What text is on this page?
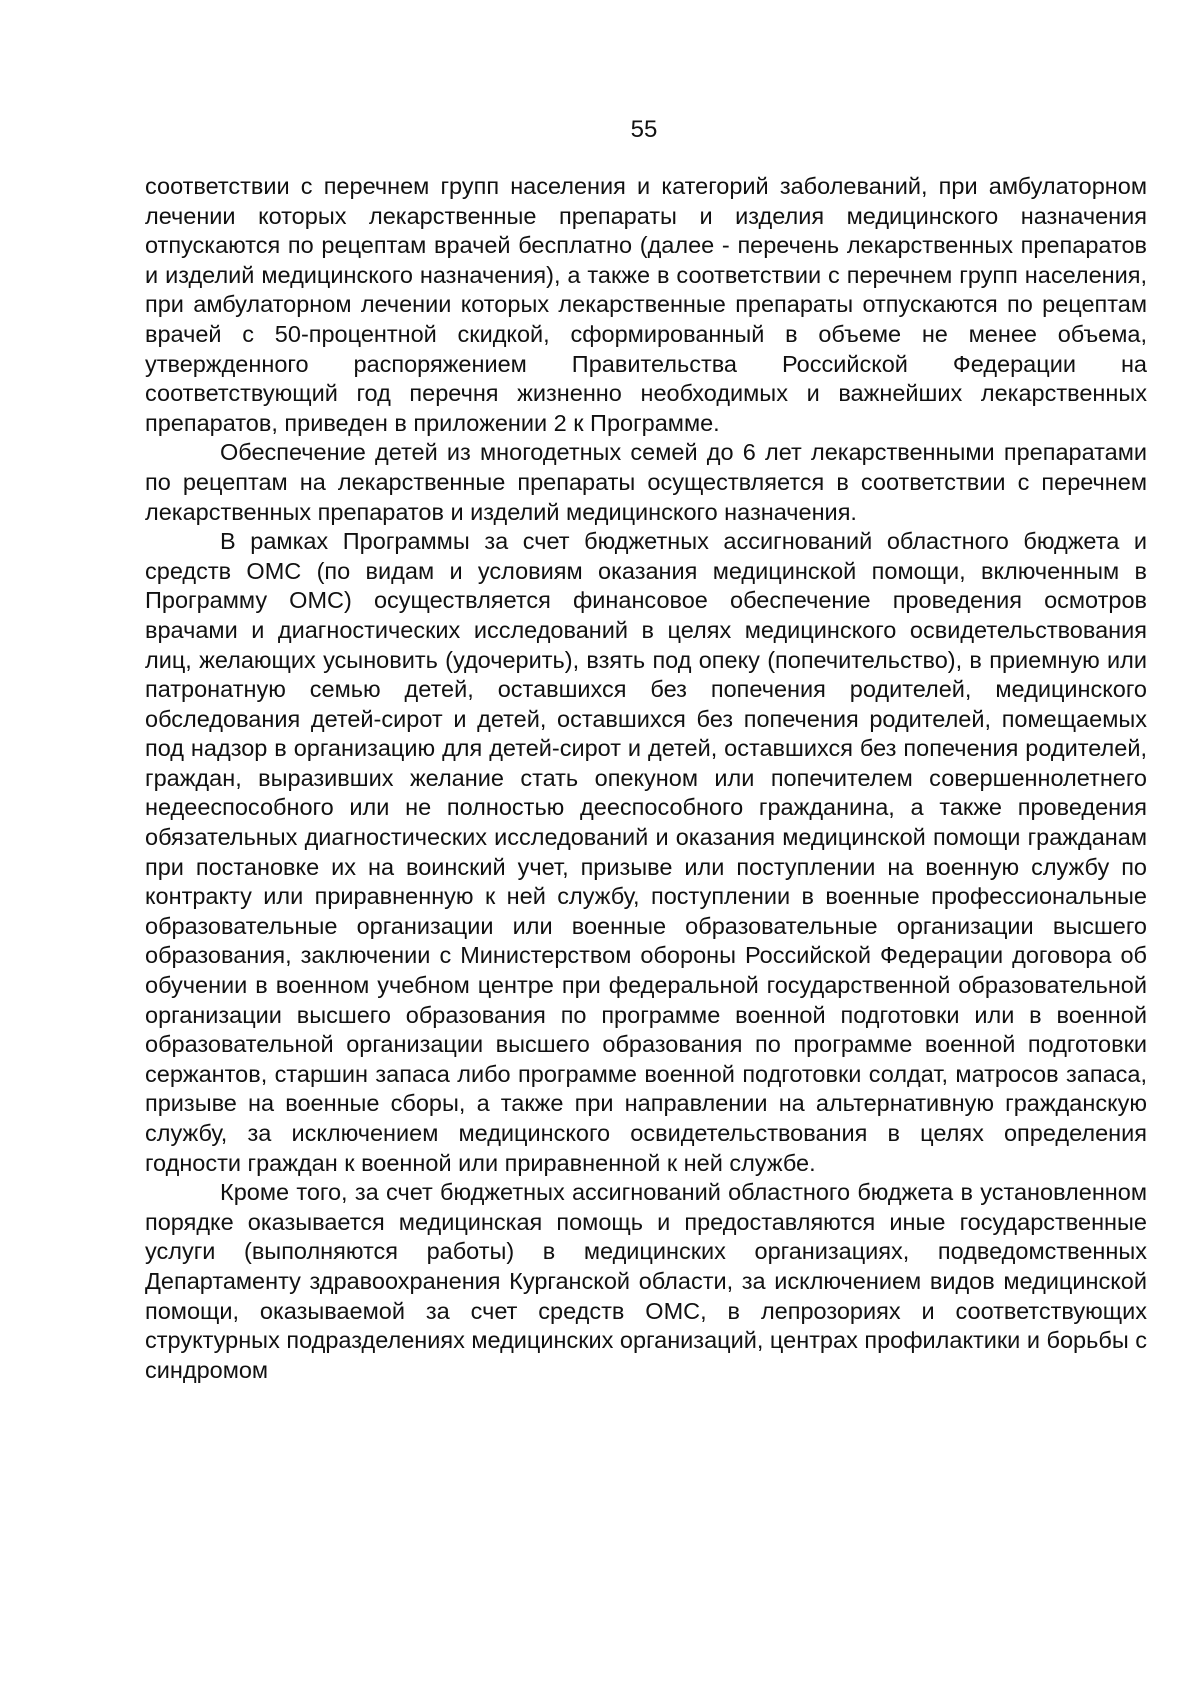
55

соответствии с перечнем групп населения и категорий заболеваний, при амбулаторном лечении которых лекарственные препараты и изделия медицинского назначения отпускаются по рецептам врачей бесплатно (далее - перечень лекарственных препаратов и изделий медицинского назначения), а также в соответствии с перечнем групп населения, при амбулаторном лечении которых лекарственные препараты отпускаются по рецептам врачей с 50-процентной скидкой, сформированный в объеме не менее объема, утвержденного распоряжением Правительства Российской Федерации на соответствующий год перечня жизненно необходимых и важнейших лекарственных препаратов, приведен в приложении 2 к Программе.

Обеспечение детей из многодетных семей до 6 лет лекарственными препаратами по рецептам на лекарственные препараты осуществляется в соответствии с перечнем лекарственных препаратов и изделий медицинского назначения.

В рамках Программы за счет бюджетных ассигнований областного бюджета и средств ОМС (по видам и условиям оказания медицинской помощи, включенным в Программу ОМС) осуществляется финансовое обеспечение проведения осмотров врачами и диагностических исследований в целях медицинского освидетельствования лиц, желающих усыновить (удочерить), взять под опеку (попечительство), в приемную или патронатную семью детей, оставшихся без попечения родителей, медицинского обследования детей-сирот и детей, оставшихся без попечения родителей, помещаемых под надзор в организацию для детей-сирот и детей, оставшихся без попечения родителей, граждан, выразивших желание стать опекуном или попечителем совершеннолетнего недееспособного или не полностью дееспособного гражданина, а также проведения обязательных диагностических исследований и оказания медицинской помощи гражданам при постановке их на воинский учет, призыве или поступлении на военную службу по контракту или приравненную к ней службу, поступлении в военные профессиональные образовательные организации или военные образовательные организации высшего образования, заключении с Министерством обороны Российской Федерации договора об обучении в военном учебном центре при федеральной государственной образовательной организации высшего образования по программе военной подготовки или в военной образовательной организации высшего образования по программе военной подготовки сержантов, старшин запаса либо программе военной подготовки солдат, матросов запаса, призыве на военные сборы, а также при направлении на альтернативную гражданскую службу, за исключением медицинского освидетельствования в целях определения годности граждан к военной или приравненной к ней службе.

Кроме того, за счет бюджетных ассигнований областного бюджета в установленном порядке оказывается медицинская помощь и предоставляются иные государственные услуги (выполняются работы) в медицинских организациях, подведомственных Департаменту здравоохранения Курганской области, за исключением видов медицинской помощи, оказываемой за счет средств ОМС, в лепрозориях и соответствующих структурных подразделениях медицинских организаций, центрах профилактики и борьбы с синдромом
